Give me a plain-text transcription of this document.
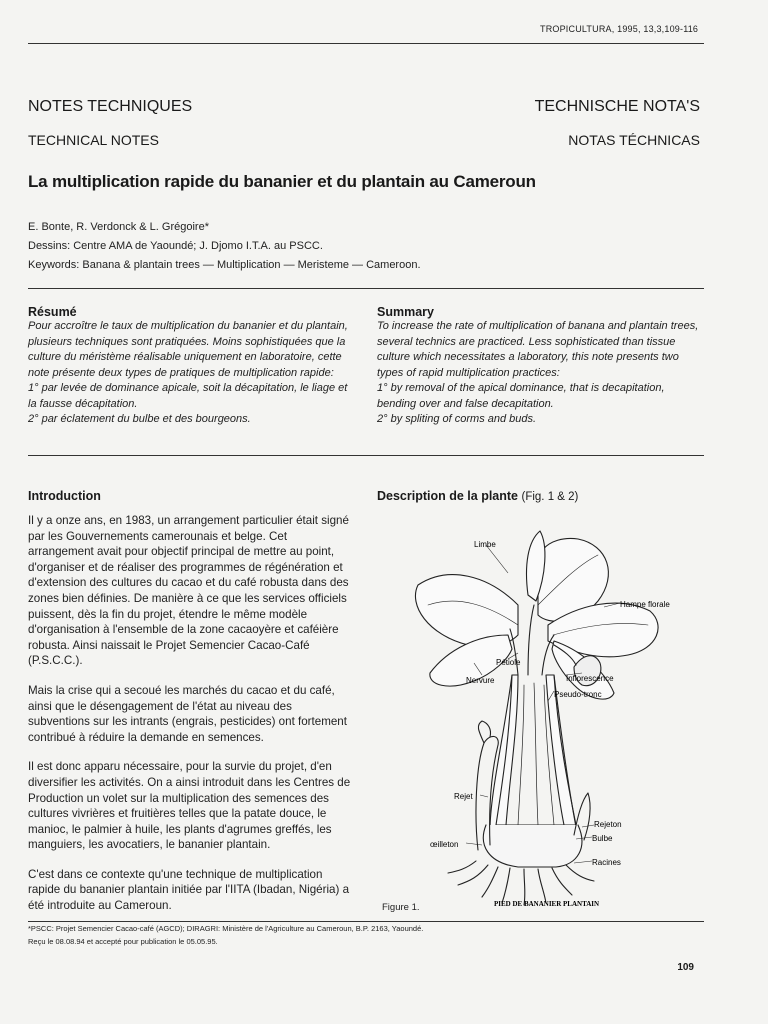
TROPICULTURA, 1995, 13,3,109-116
NOTES TECHNIQUES	TECHNISCHE NOTA'S
TECHNICAL NOTES	NOTAS TÉCHNICAS
La multiplication rapide du bananier et du plantain au Cameroun
E. Bonte, R. Verdonck & L. Grégoire*
Dessins: Centre AMA de Yaoundé; J. Djomo I.T.A. au PSCC.
Keywords: Banana & plantain trees — Multiplication — Meristeme — Cameroon.
Résumé

Pour accroître le taux de multiplication du bananier et du plantain, plusieurs techniques sont pratiquées. Moins sophistiquées que la culture du méristème réalisable uniquement en laboratoire, cette note présente deux types de pratiques de multiplication rapide:

1° par levée de dominance apicale, soit la décapitation, le liage et la fausse décapitation.

2° par éclatement du bulbe et des bourgeons.

Summary

To increase the rate of multiplication of banana and plantain trees, several technics are practiced. Less sophisticated than tissue culture which necessitates a laboratory, this note presents two types of rapid multiplication practices:

1° by removal of the apical dominance, that is decapitation, bending over and false decapitation.

2° by spliting of corms and buds.

Introduction

Il y a onze ans, en 1983, un arrangement particulier était signé par les Gouvernements camerounais et belge. Cet arrangement avait pour objectif principal de mettre au point, d'organiser et de réaliser des programmes de régénération et d'extension des cultures du cacao et du café robusta dans des zones bien définies. De manière à ce que les services officiels puissent, dès la fin du projet, étendre le même modèle d'organisation à l'ensemble de la zone cacaoyère et caféière robusta. Ainsi naissait le Projet Semencier Cacao-Café (P.S.C.C.).

Mais la crise qui a secoué les marchés du cacao et du café, ainsi que le désengagement de l'état au niveau des subventions sur les intrants (engrais, pesticides) ont fortement contribué à réduire la demande en semences.

Il est donc apparu nécessaire, pour la survie du projet, d'en diversifier les activités. On a ainsi introduit dans les Centres de Production un volet sur la multiplication des semences des cultures vivrières et fruitières telles que la patate douce, le manioc, le palmier à huile, les plants d'agrumes greffés, les manguiers, les avocatiers, le bananier plantain.

C'est dans ce contexte qu'une technique de multiplication rapide du bananier plantain initiée par l'IITA (Ibadan, Nigéria) a été introduite au Cameroun.

Description de la plante (Fig. 1 & 2)
Limbe
Hampe florale
Pétiole
Nervure	Inflorescence
Pseudo-tronc
Rejet
Rejeton
Bulbe
œilleton
Racines
PIED DE BANANIER PLANTAIN
Figure 1.
*PSCC: Projet Semencier Cacao-café (AGCD); DIRAGRI: Ministère de l'Agriculture au Cameroun, B.P. 2163, Yaoundé.
Reçu le 08.08.94 et accepté pour publication le 05.05.95.
109
